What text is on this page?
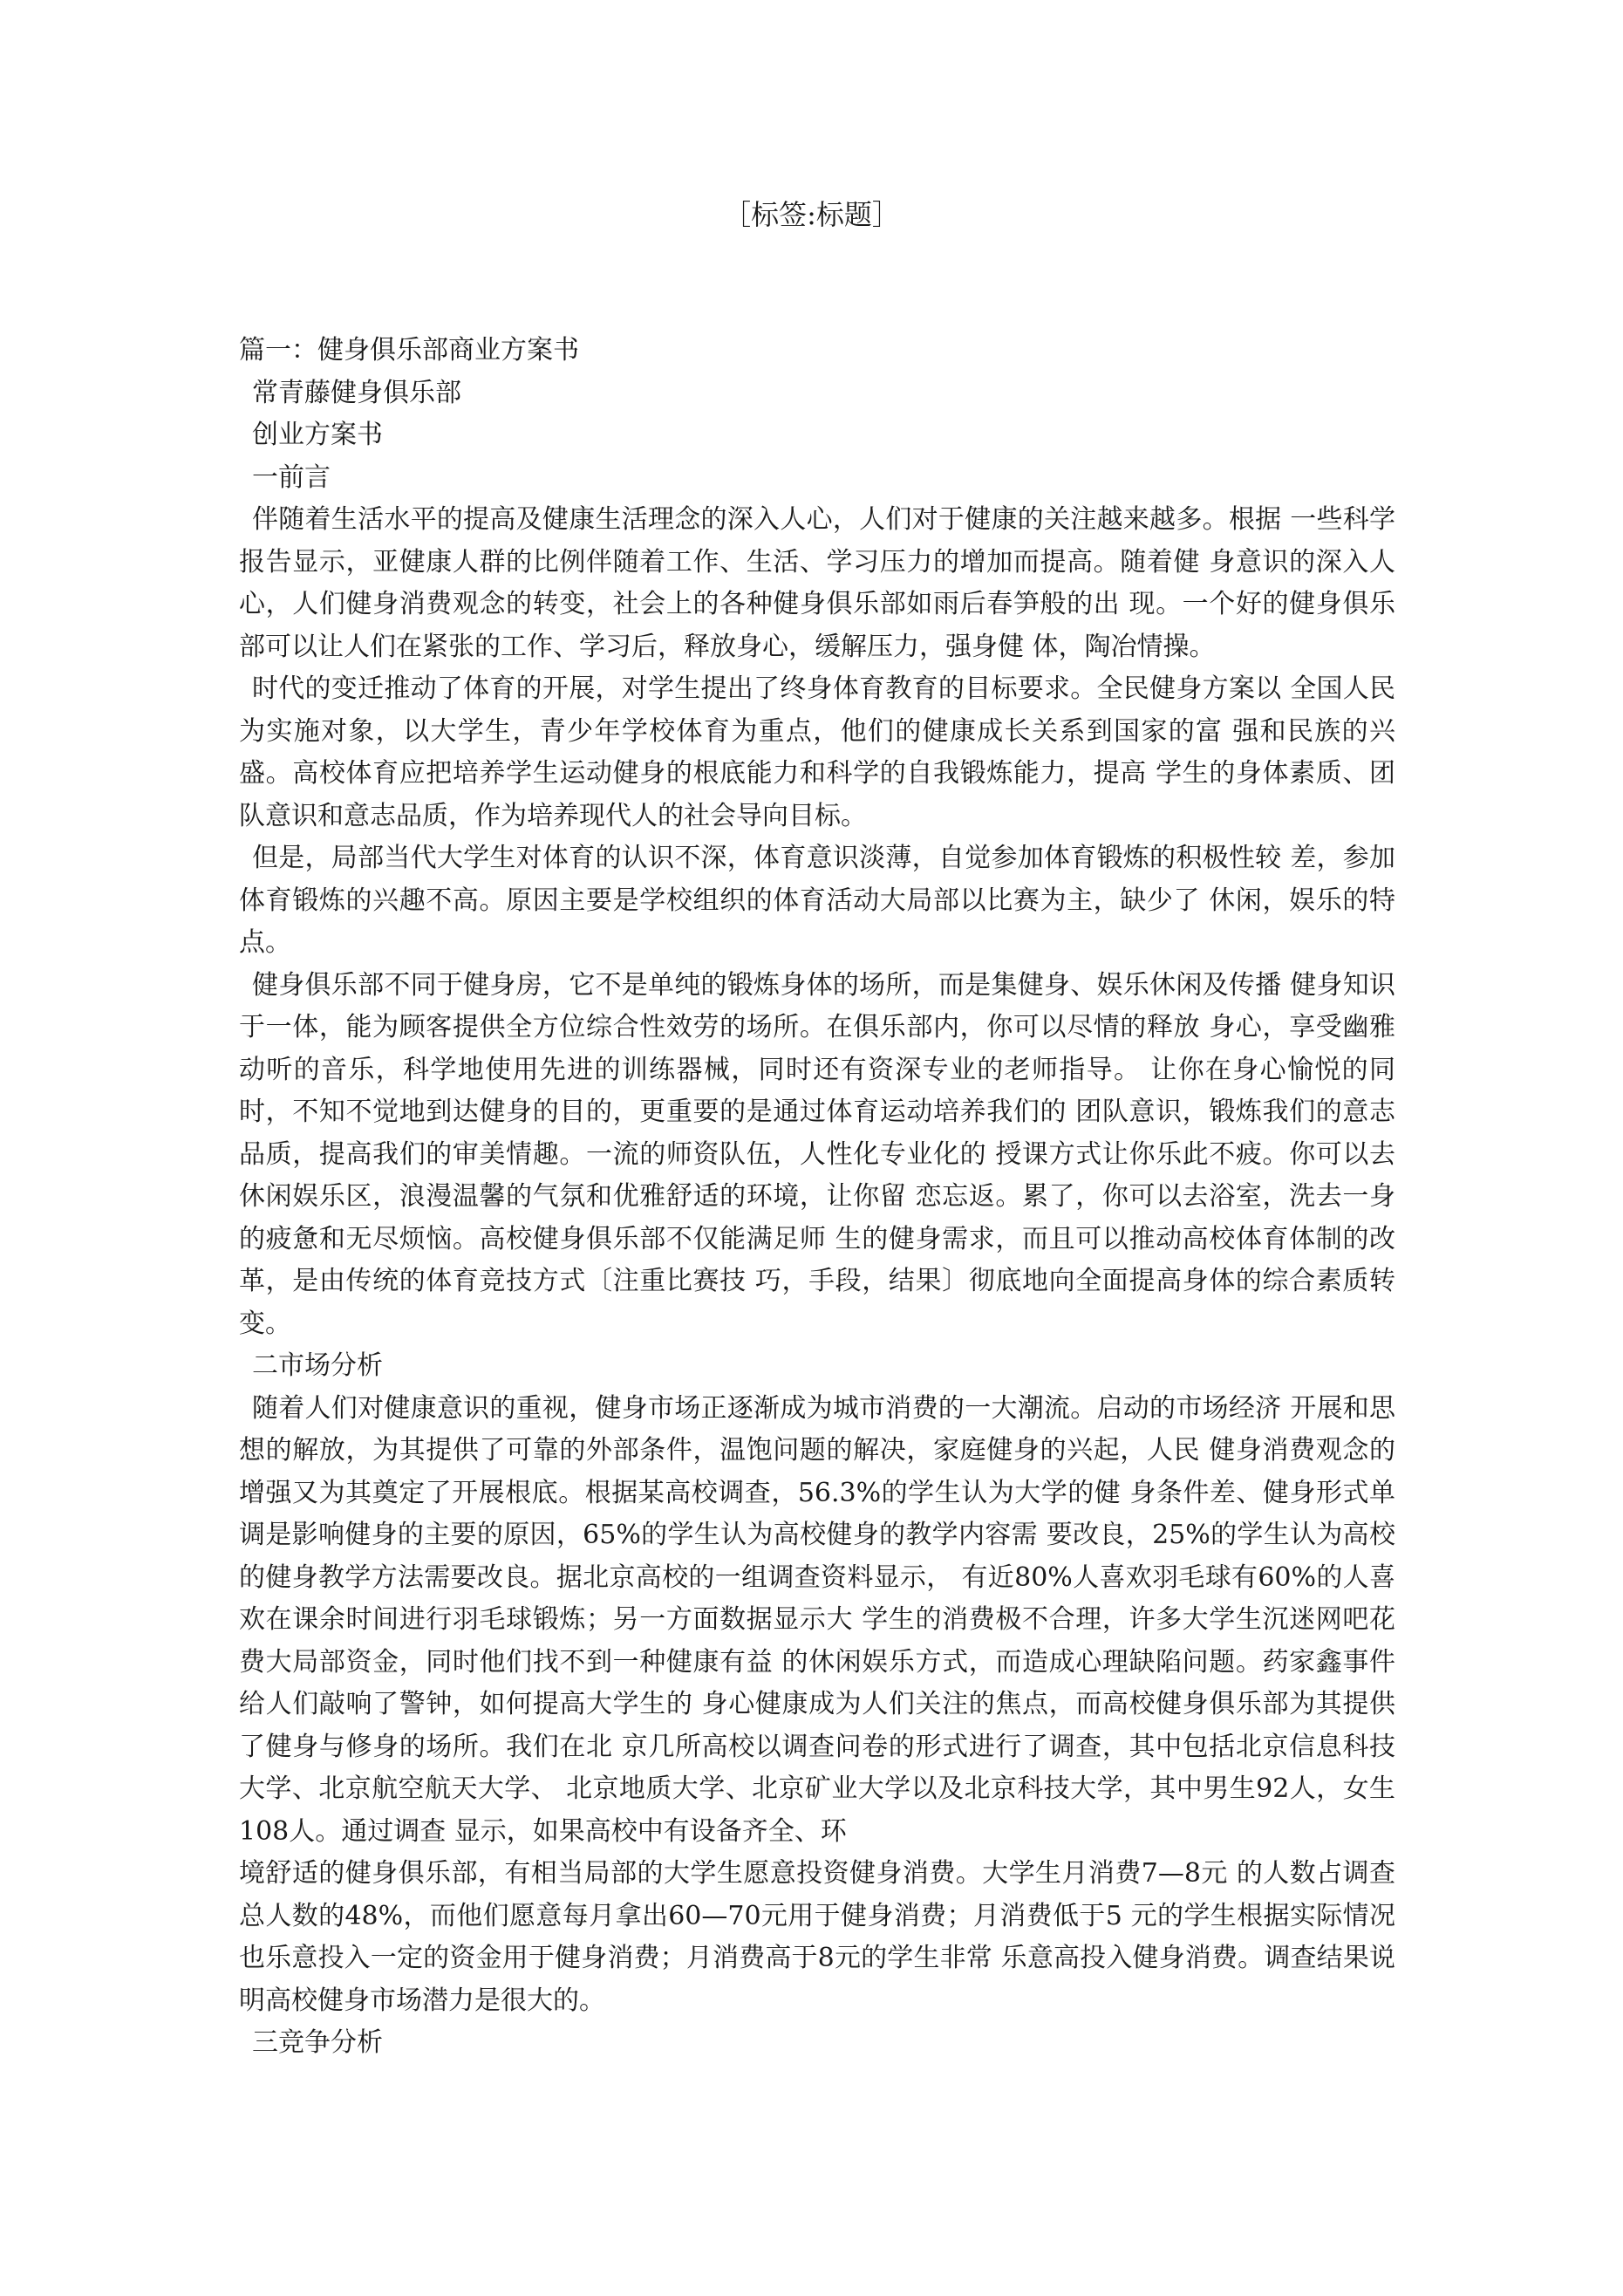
［标签:标题］

篇一：健身俱乐部商业方案书

常青藤健身俱乐部

创业方案书

一前言

伴随着生活水平的提高及健康生活理念的深入人心，人们对于健康的关注越来越多。根据 一些科学报告显示，亚健康人群的比例伴随着工作、生活、学习压力的增加而提高。随着健 身意识的深入人心，人们健身消费观念的转变，社会上的各种健身俱乐部如雨后春笋般的出 现。一个好的健身俱乐部可以让人们在紧张的工作、学习后，释放身心，缓解压力，强身健 体，陶冶情操。

时代的变迁推动了体育的开展，对学生提出了终身体育教育的目标要求。全民健身方案以 全国人民为实施对象，以大学生，青少年学校体育为重点，他们的健康成长关系到国家的富 强和民族的兴盛。高校体育应把培养学生运动健身的根底能力和科学的自我锻炼能力，提高 学生的身体素质、团队意识和意志品质，作为培养现代人的社会导向目标。

但是，局部当代大学生对体育的认识不深，体育意识淡薄，自觉参加体育锻炼的积极性较 差，参加体育锻炼的兴趣不高。原因主要是学校组织的体育活动大局部以比赛为主，缺少了 休闲，娱乐的特点。

健身俱乐部不同于健身房，它不是单纯的锻炼身体的场所，而是集健身、娱乐休闲及传播 健身知识于一体，能为顾客提供全方位综合性效劳的场所。在俱乐部内，你可以尽情的释放 身心，享受幽雅动听的音乐，科学地使用先进的训练器械，同时还有资深专业的老师指导。 让你在身心愉悦的同时，不知不觉地到达健身的目的，更重要的是通过体育运动培养我们的 团队意识，锻炼我们的意志品质，提高我们的审美情趣。一流的师资队伍，人性化专业化的 授课方式让你乐此不疲。你可以去休闲娱乐区，浪漫温馨的气氛和优雅舒适的环境，让你留 恋忘返。累了，你可以去浴室，洗去一身的疲惫和无尽烦恼。高校健身俱乐部不仅能满足师 生的健身需求，而且可以推动高校体育体制的改革，是由传统的体育竞技方式〔注重比赛技 巧，手段，结果〕彻底地向全面提高身体的综合素质转变。

二市场分析

随着人们对健康意识的重视，健身市场正逐渐成为城市消费的一大潮流。启动的市场经济 开展和思想的解放，为其提供了可靠的外部条件，温饱问题的解决，家庭健身的兴起，人民 健身消费观念的增强又为其奠定了开展根底。根据某高校调查，56.3%的学生认为大学的健 身条件差、健身形式单调是影响健身的主要的原因，65%的学生认为高校健身的教学内容需 要改良，25%的学生认为高校的健身教学方法需要改良。据北京高校的一组调查资料显示， 有近80%人喜欢羽毛球有60%的人喜欢在课余时间进行羽毛球锻炼；另一方面数据显示大 学生的消费极不合理，许多大学生沉迷网吧花费大局部资金，同时他们找不到一种健康有益 的休闲娱乐方式，而造成心理缺陷问题。药家鑫事件给人们敲响了警钟，如何提高大学生的 身心健康成为人们关注的焦点，而高校健身俱乐部为其提供了健身与修身的场所。我们在北 京几所高校以调查问卷的形式进行了调查，其中包括北京信息科技大学、北京航空航天大学、 北京地质大学、北京矿业大学以及北京科技大学，其中男生92人，女生108人。通过调查 显示，如果高校中有设备齐全、环

境舒适的健身俱乐部，有相当局部的大学生愿意投资健身消费。大学生月消费7—8元 的人数占调查总人数的48%，而他们愿意每月拿出60—70元用于健身消费；月消费低于5 元的学生根据实际情况也乐意投入一定的资金用于健身消费；月消费高于8元的学生非常 乐意高投入健身消费。调查结果说明高校健身市场潜力是很大的。

三竞争分析
